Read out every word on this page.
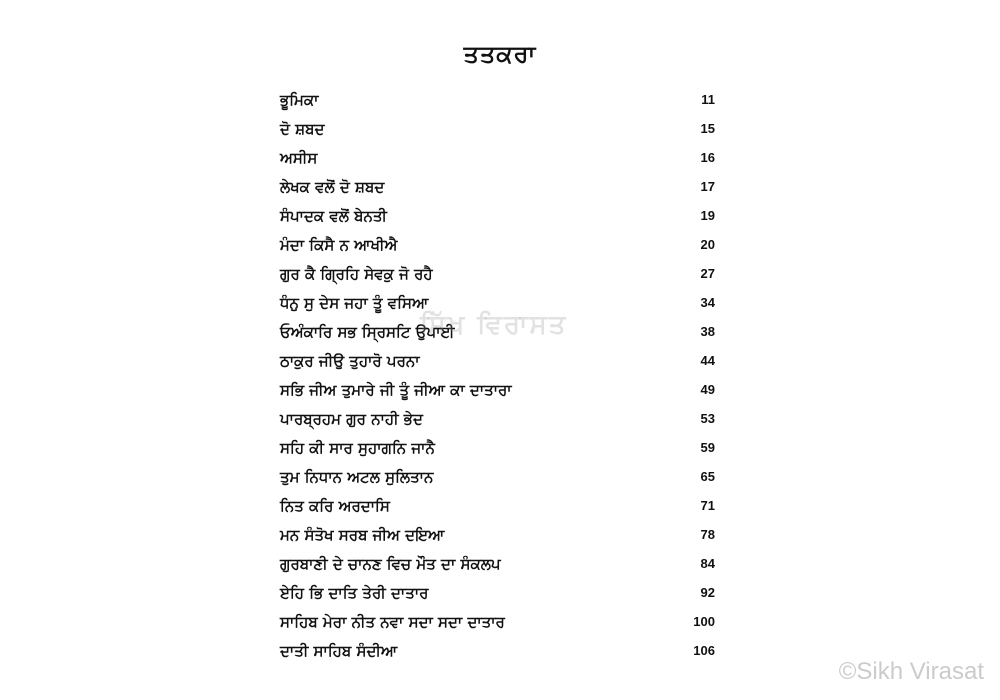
ਤਤਕਰਾ
ਭੂਮਿਕਾ	11
ਦੋ ਸ਼ਬਦ	15
ਅਸੀਸ	16
ਲੇਖਕ ਵਲੋਂ ਦੋ ਸ਼ਬਦ	17
ਸੰਪਾਦਕ ਵਲੋਂ ਬੇਨਤੀ	19
ਮੰਦਾ ਕਿਸੈ ਨ ਆਖੀਐ	20
ਗੁਰ ਕੈ ਗ੍ਰਿਹਿ ਸੇਵਕੁ ਜੋ ਰਹੈ	27
ਧੰਨੁ ਸੁ ਦੇਸ ਜਹਾ ਤੂੰ ਵਸਿਆ	34
ਓਅੰਕਾਰਿ ਸਭ ਸ੍ਰਿਸਟਿ ਉਪਾਈ	38
ਠਾਕੁਰ ਜੀਉ ਤੁਹਾਰੋ ਪਰਨਾ	44
ਸਭਿ ਜੀਅ ਤੁਮਾਰੇ ਜੀ ਤੂੰ ਜੀਆ ਕਾ ਦਾਤਾਰਾ	49
ਪਾਰਬ੍ਰਹਮ ਗੁਰ ਨਾਹੀ ਭੇਦ	53
ਸਹਿ ਕੀ ਸਾਰ ਸੁਹਾਗਨਿ ਜਾਨੈ	59
ਤੁਮ ਨਿਧਾਨ ਅਟਲ ਸੁਲਿਤਾਨ	65
ਨਿਤ ਕਰਿ ਅਰਦਾਸਿ	71
ਮਨ ਸੰਤੋਖ ਸਰਬ ਜੀਅ ਦਇਆ	78
ਗੁਰਬਾਣੀ ਦੇ ਚਾਨਣ ਵਿਚ ਮੌਤ ਦਾ ਸੰਕਲਪ	84
ਏਹਿ ਭਿ ਦਾਤਿ ਤੇਰੀ ਦਾਤਾਰ	92
ਸਾਹਿਬ ਮੇਰਾ ਨੀਤ ਨਵਾ ਸਦਾ ਸਦਾ ਦਾਤਾਰ	100
ਦਾਤੀ ਸਾਹਿਬ ਸੰਦੀਆ	106
ਸਿੱਖ ਵਿਰਾਸਤ
©Sikh Virasat
